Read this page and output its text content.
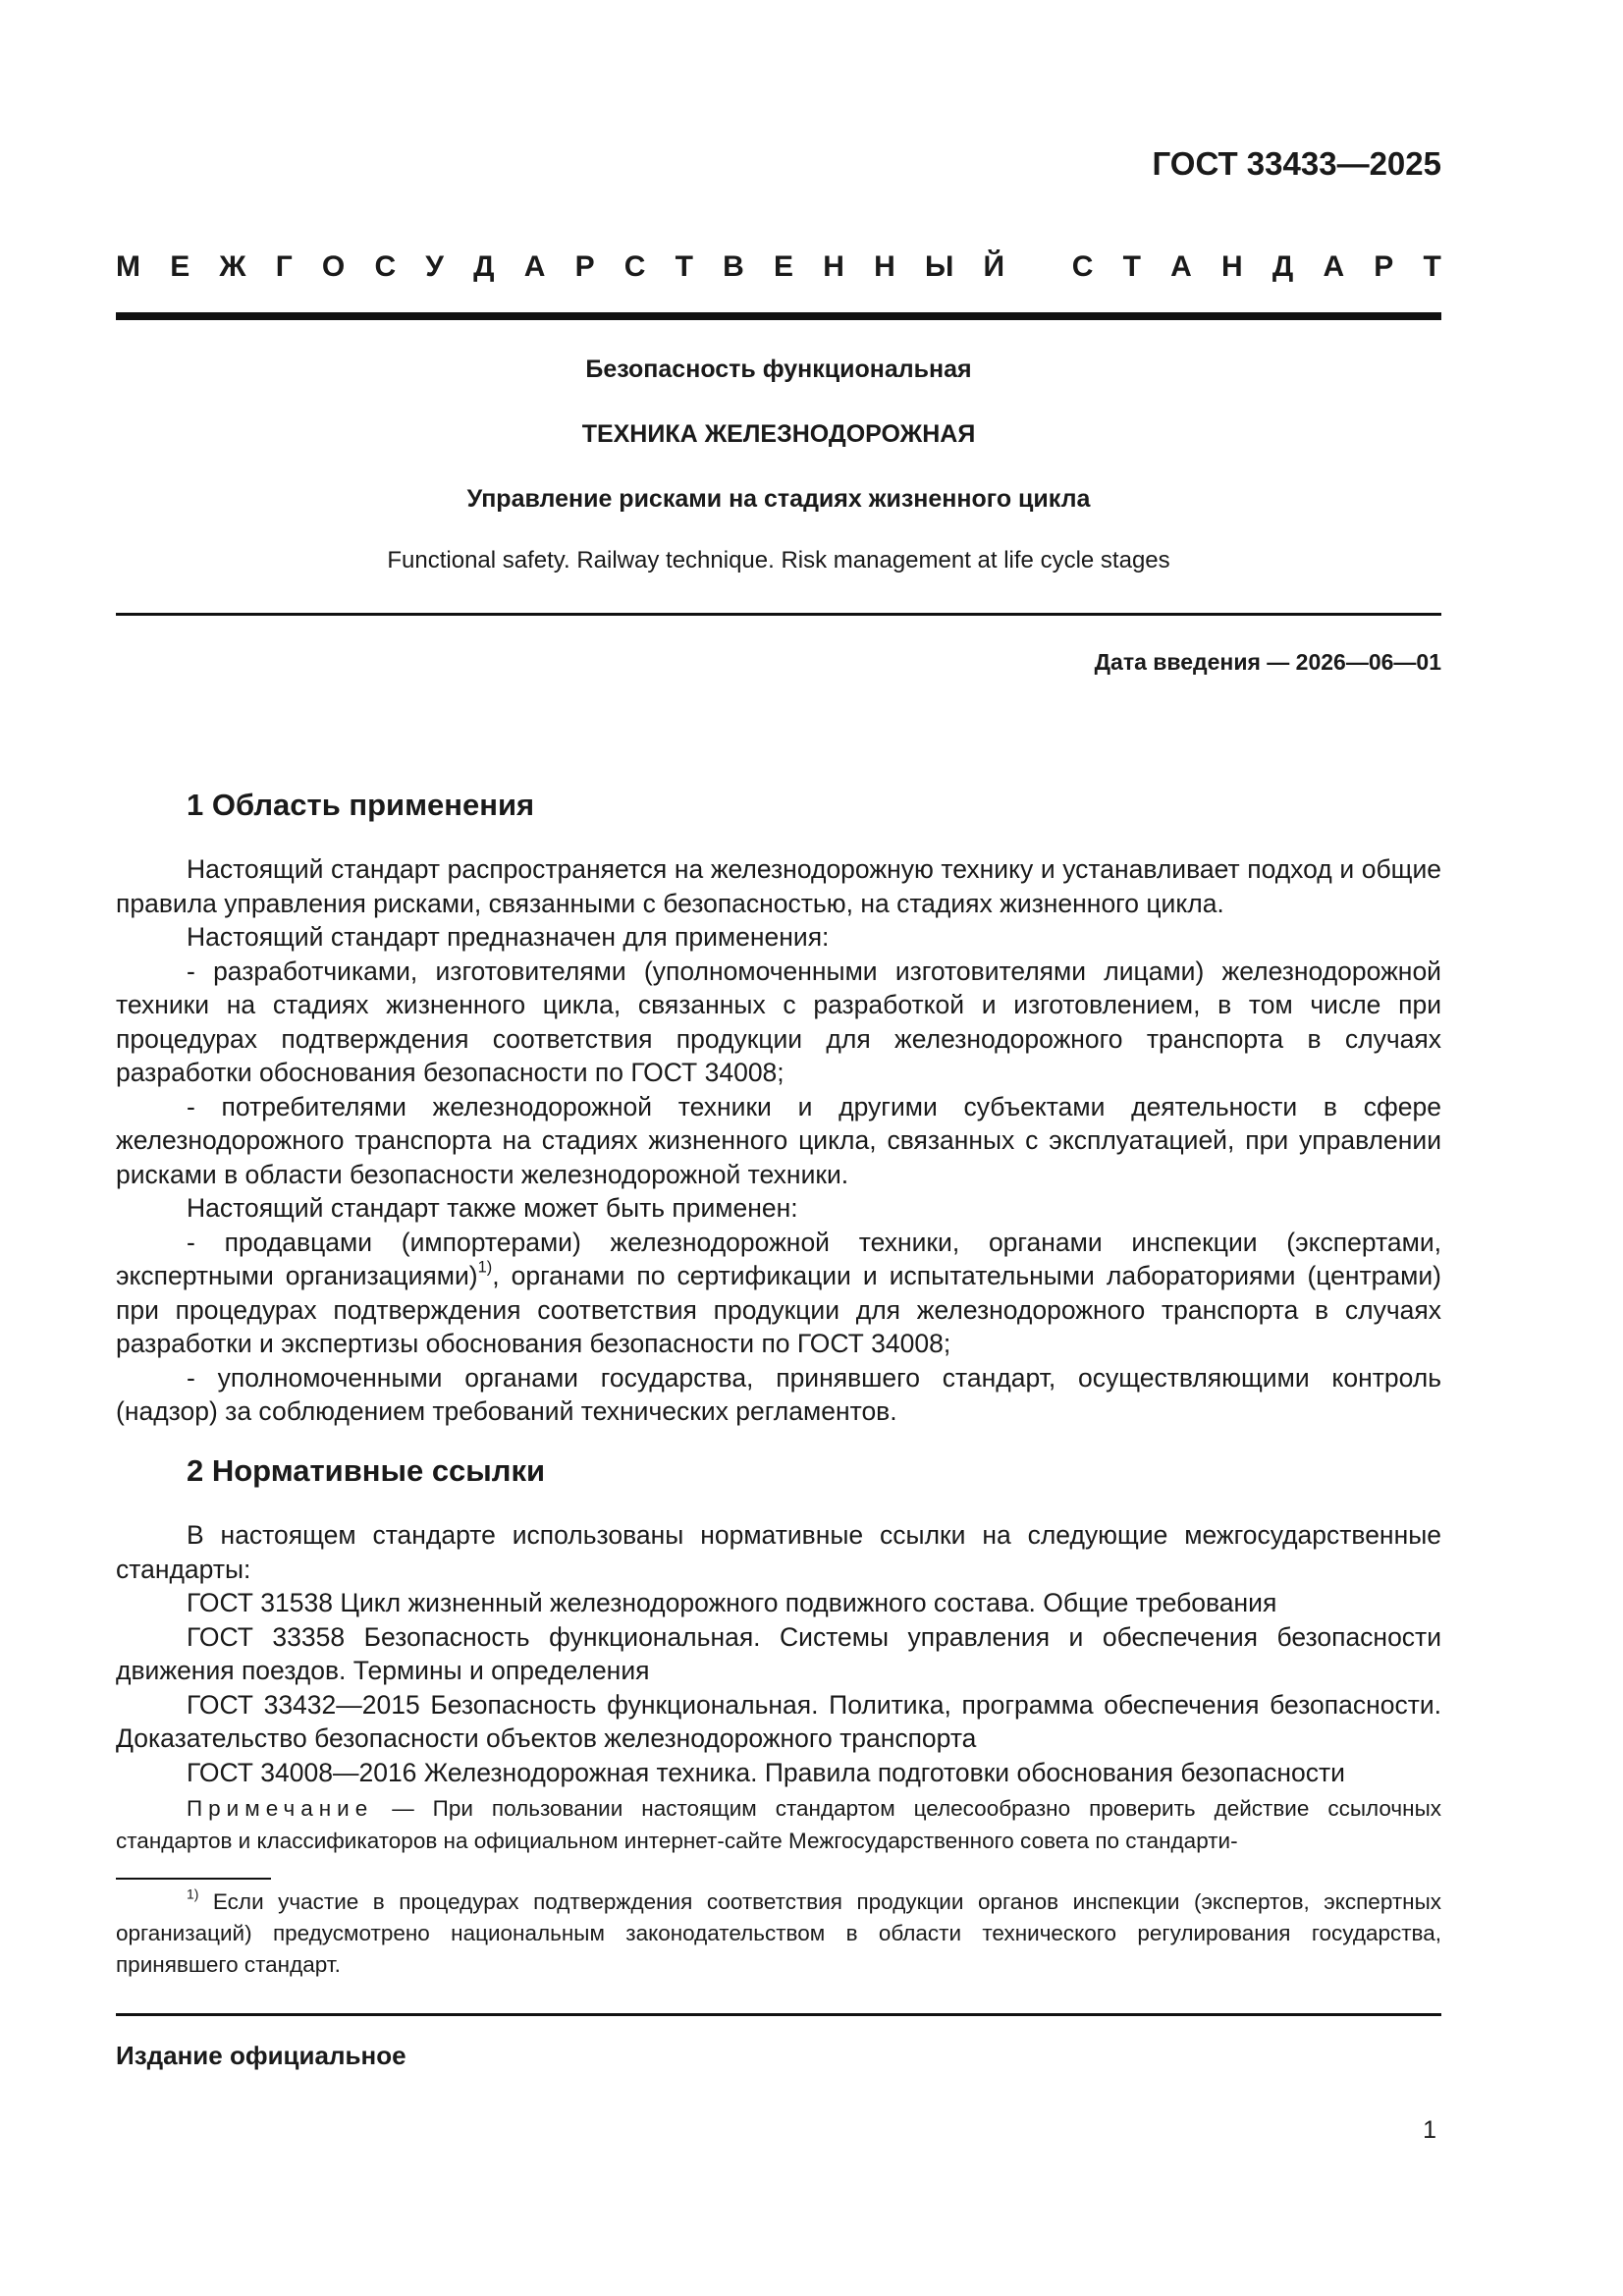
ГОСТ 33433—2025
М Е Ж Г О С У Д А Р С Т В Е Н Н Ы Й
С Т А Н Д А Р Т
Безопасность функциональная
ТЕХНИКА ЖЕЛЕЗНОДОРОЖНАЯ
Управление рисками на стадиях жизненного цикла
Functional safety. Railway technique. Risk management at life cycle stages
Дата введения — 2026—06—01
1 Область применения

Настоящий стандарт распространяется на железнодорожную технику и устанавливает подход и общие правила управления рисками, связанными с безопасностью, на стадиях жизненного цикла.

Настоящий стандарт предназначен для применения:

- разработчиками, изготовителями (уполномоченными изготовителями лицами) железнодорожной техники на стадиях жизненного цикла, связанных с разработкой и изготовлением, в том числе при процедурах подтверждения соответствия продукции для железнодорожного транспорта в случаях разработки обоснования безопасности по ГОСТ 34008;

- потребителями железнодорожной техники и другими субъектами деятельности в сфере железнодорожного транспорта на стадиях жизненного цикла, связанных с эксплуатацией, при управлении рисками в области безопасности железнодорожной техники.

Настоящий стандарт также может быть применен:

- продавцами (импортерами) железнодорожной техники, органами инспекции (экспертами, экспертными организациями)$^{1)}$, органами по сертификации и испытательными лабораториями (центрами) при процедурах подтверждения соответствия продукции для железнодорожного транспорта в случаях разработки и экспертизы обоснования безопасности по ГОСТ 34008;

- уполномоченными органами государства, принявшего стандарт, осуществляющими контроль (надзор) за соблюдением требований технических регламентов.

2 Нормативные ссылки

В настоящем стандарте использованы нормативные ссылки на следующие межгосударственные стандарты:

ГОСТ 31538 Цикл жизненный железнодорожного подвижного состава. Общие требования

ГОСТ 33358 Безопасность функциональная. Системы управления и обеспечения безопасности движения поездов. Термины и определения

ГОСТ 33432—2015 Безопасность функциональная. Политика, программа обеспечения безопасности. Доказательство безопасности объектов железнодорожного транспорта

ГОСТ 34008—2016 Железнодорожная техника. Правила подготовки обоснования безопасности

Примечание — При пользовании настоящим стандартом целесообразно проверить действие ссылочных стандартов и классификаторов на официальном интернет-сайте Межгосударственного совета по стандарти-
$^{1)}$ Если участие в процедурах подтверждения соответствия продукции органов инспекции (экспертов, экспертных организаций) предусмотрено национальным законодательством в области технического регулирования государства, принявшего стандарт.
Издание официальное
1
